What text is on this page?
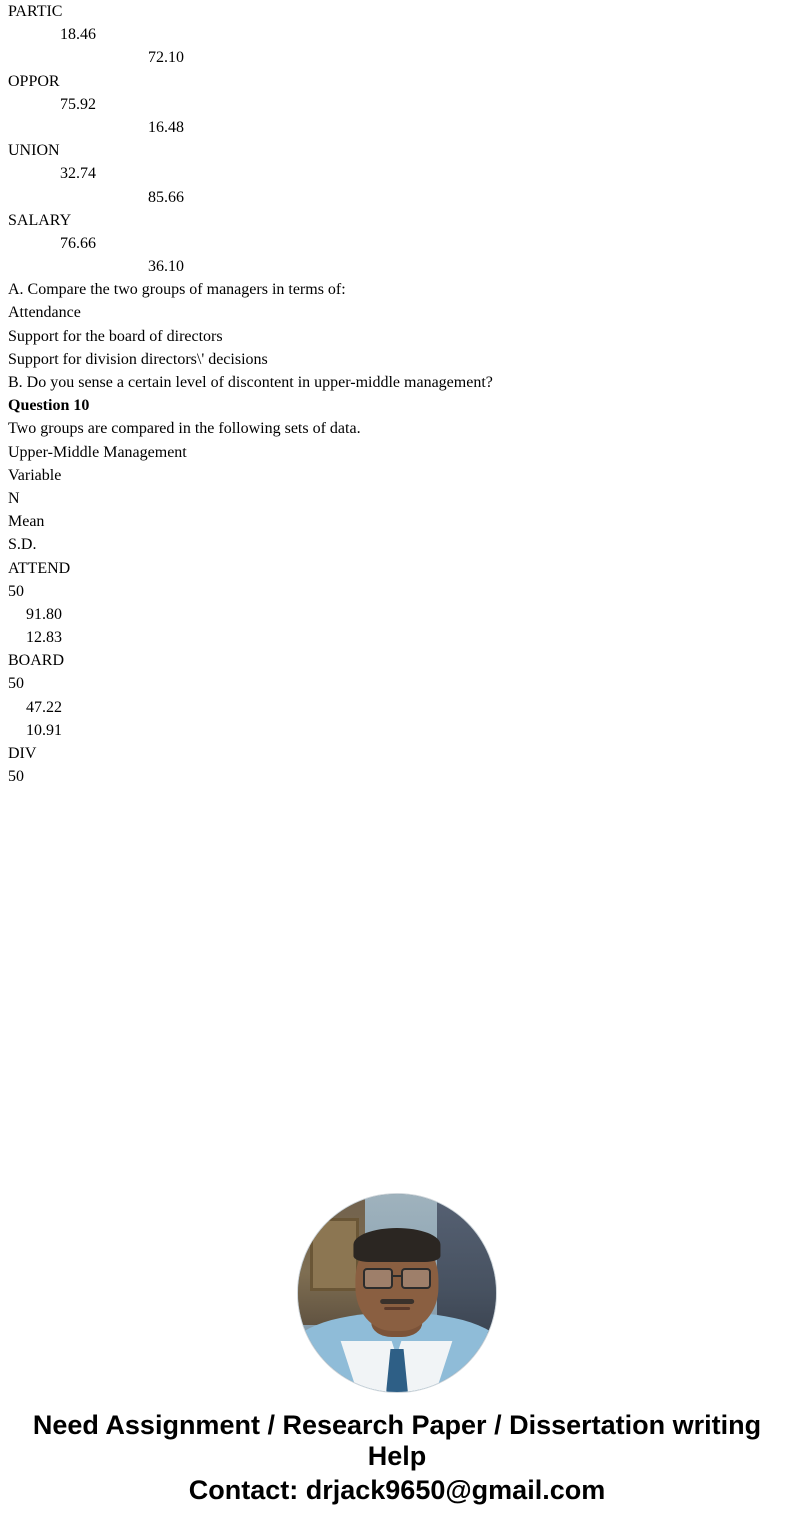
PARTIC

18.46

72.10

OPPOR

75.92

16.48

UNION

32.74

85.66

SALARY

76.66

36.10

A. Compare the two groups of managers in terms of:

Attendance

Support for the board of directors

Support for division directors\' decisions

B. Do you sense a certain level of discontent in upper-middle management?

Question 10

Two groups are compared in the following sets of data.

Upper-Middle Management

Variable

N

Mean

S.D.

ATTEND

50

91.80

12.83

BOARD

50

47.22

10.91

DIV

50

Need Assignment / Research Paper / Dissertation writing Help
Contact: drjack9650@gmail.com
